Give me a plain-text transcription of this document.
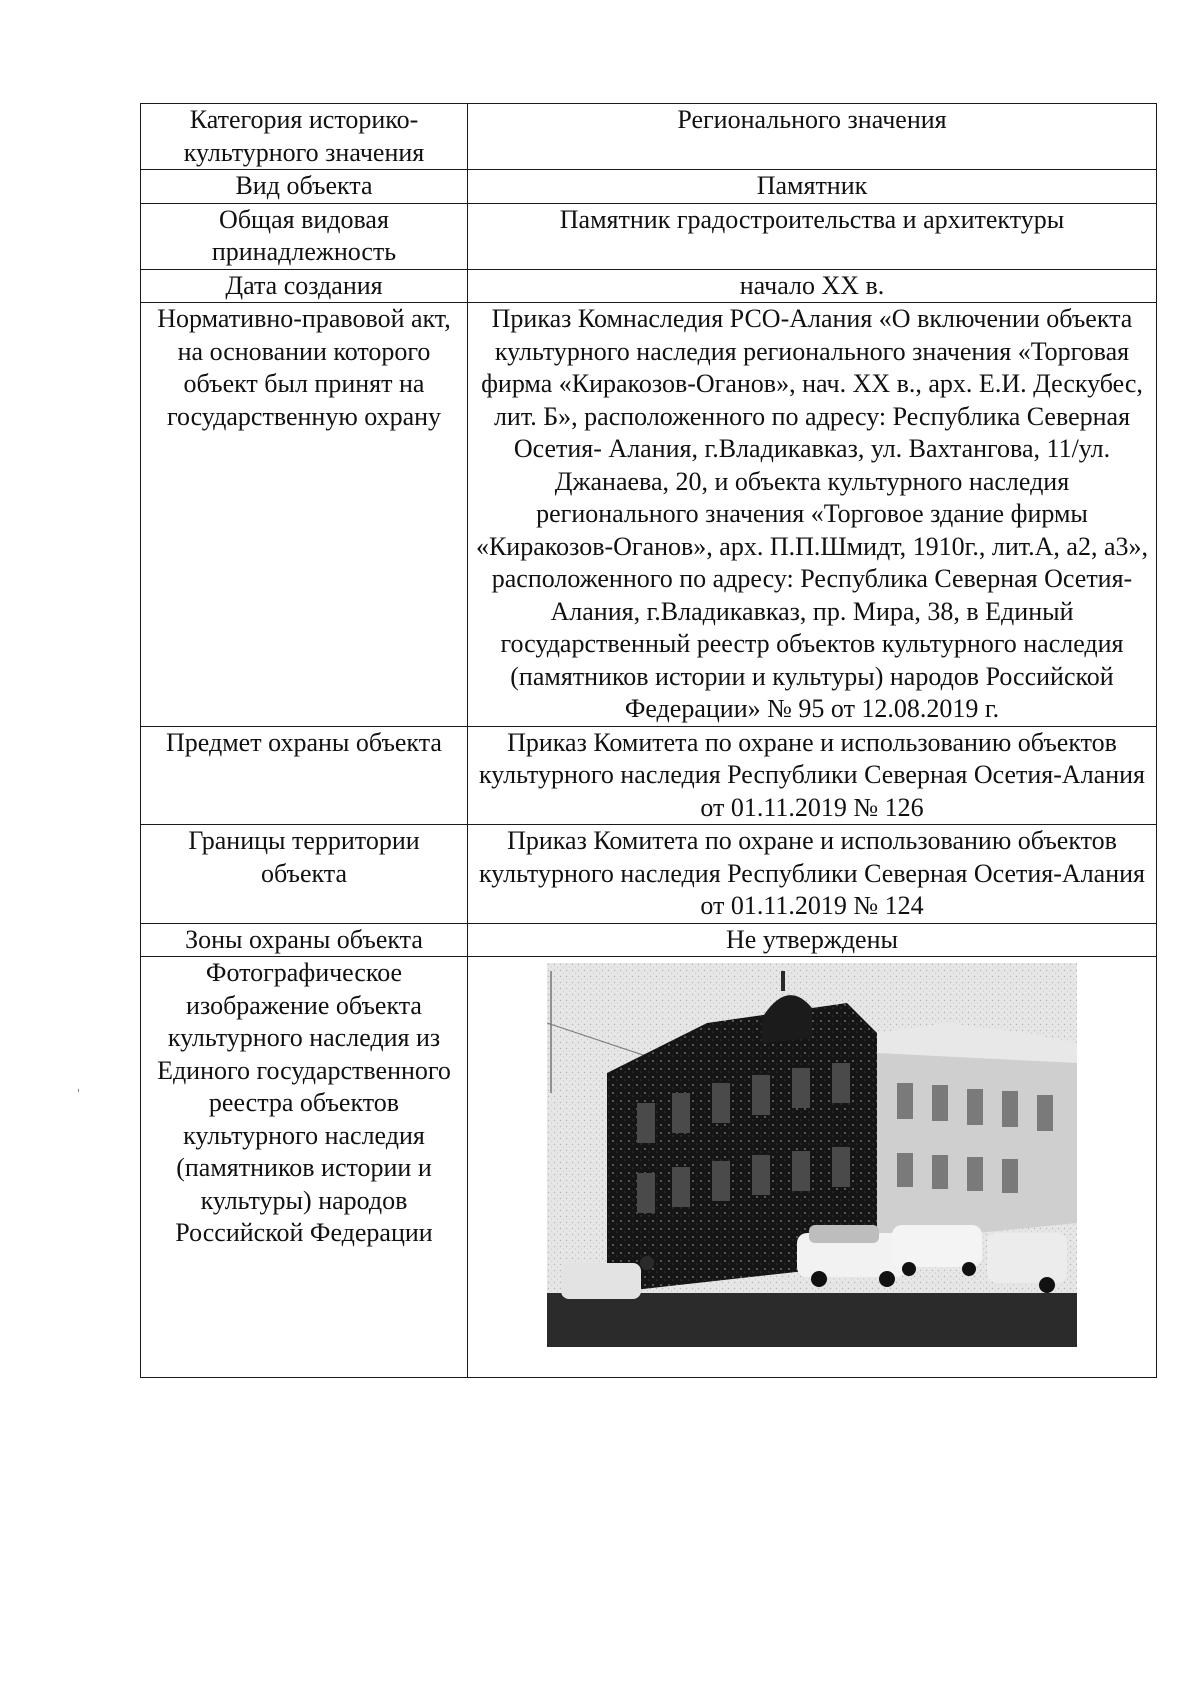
Категория историко-культурного значения	Регионального значения
Вид объекта	Памятник
Общая видовая принадлежность	Памятник градостроительства и архитектуры
Дата создания	начало XX в.
Нормативно-правовой акт, на основании которого объект был принят на государственную охрану	Приказ Комнаследия РСО-Алания «О включении объекта культурного наследия регионального значения «Торговая фирма «Киракозов-Оганов», нач. XX в., арх. Е.И. Дескубес, лит. Б», расположенного по адресу: Республика Северная Осетия- Алания, г.Владикавказ, ул. Вахтангова, 11/ул. Джанаева, 20, и объекта культурного наследия регионального значения «Торговое здание фирмы «Киракозов-Оганов», арх. П.П.Шмидт, 1910г., лит.А, а2, а3», расположенного по адресу: Республика Северная Осетия-Алания, г.Владикавказ, пр. Мира, 38, в Единый государственный реестр объектов культурного наследия (памятников истории и культуры) народов Российской Федерации» № 95 от 12.08.2019 г.
Предмет охраны объекта	Приказ Комитета по охране и использованию объектов культурного наследия Республики Северная Осетия-Алания от 01.11.2019 № 126
Границы территории объекта	Приказ Комитета по охране и использованию объектов культурного наследия Республики Северная Осетия-Алания от 01.11.2019 № 124
Зоны охраны объекта	Не утверждены
Фотографическое изображение объекта культурного наследия из Единого государственного реестра объектов культурного наследия (памятников истории и культуры) народов Российской Федерации	
